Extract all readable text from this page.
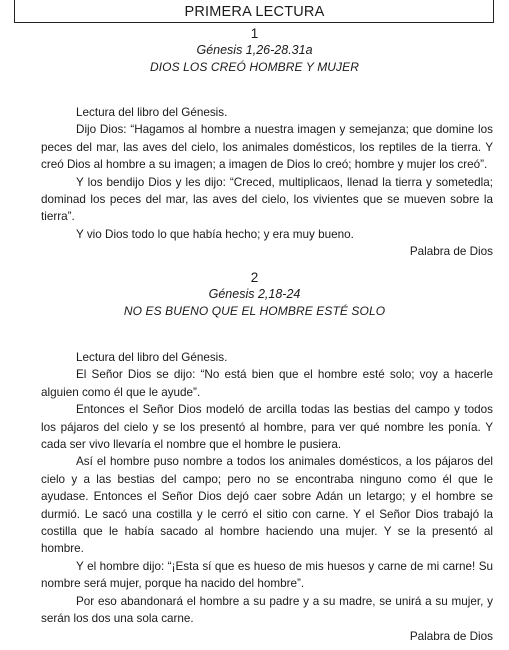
PRIMERA LECTURA
1
Génesis 1,26-28.31a
DIOS LOS CREÓ HOMBRE Y MUJER

Lectura del libro del Génesis.

Dijo Dios: “Hagamos al hombre a nuestra imagen y semejanza; que domine los peces del mar, las aves del cielo, los animales domésticos, los reptiles de la tierra. Y creó Dios al hombre a su imagen; a imagen de Dios lo creó; hombre y mujer los creó”.

Y los bendijo Dios y les dijo: “Creced, multiplicaos, llenad la tierra y sometedla; dominad los peces del mar, las aves del cielo, los vivientes que se mueven sobre la tierra”.

Y vio Dios todo lo que había hecho; y era muy bueno.

Palabra de Dios

2
Génesis 2,18-24
NO ES BUENO QUE EL HOMBRE ESTÉ SOLO

Lectura del libro del Génesis.

El Señor Dios se dijo: “No está bien que el hombre esté solo; voy a hacerle alguien como él que le ayude”.

Entonces el Señor Dios modeló de arcilla todas las bestias del campo y todos los pájaros del cielo y se los presentó al hombre, para ver qué nombre les ponía. Y cada ser vivo llevaría el nombre que el hombre le pusiera.

Así el hombre puso nombre a todos los animales domésticos, a los pájaros del cielo y a las bestias del campo; pero no se encontraba ninguno como él que le ayudase. Entonces el Señor Dios dejó caer sobre Adán un letargo; y el hombre se durmió. Le sacó una costilla y le cerró el sitio con carne. Y el Señor Dios trabajó la costilla que le había sacado al hombre haciendo una mujer. Y se la presentó al hombre.

Y el hombre dijo: “¡Esta sí que es hueso de mis huesos y carne de mi carne! Su nombre será mujer, porque ha nacido del hombre”.

Por eso abandonará el hombre a su padre y a su madre, se unirá a su mujer, y serán los dos una sola carne.

Palabra de Dios
